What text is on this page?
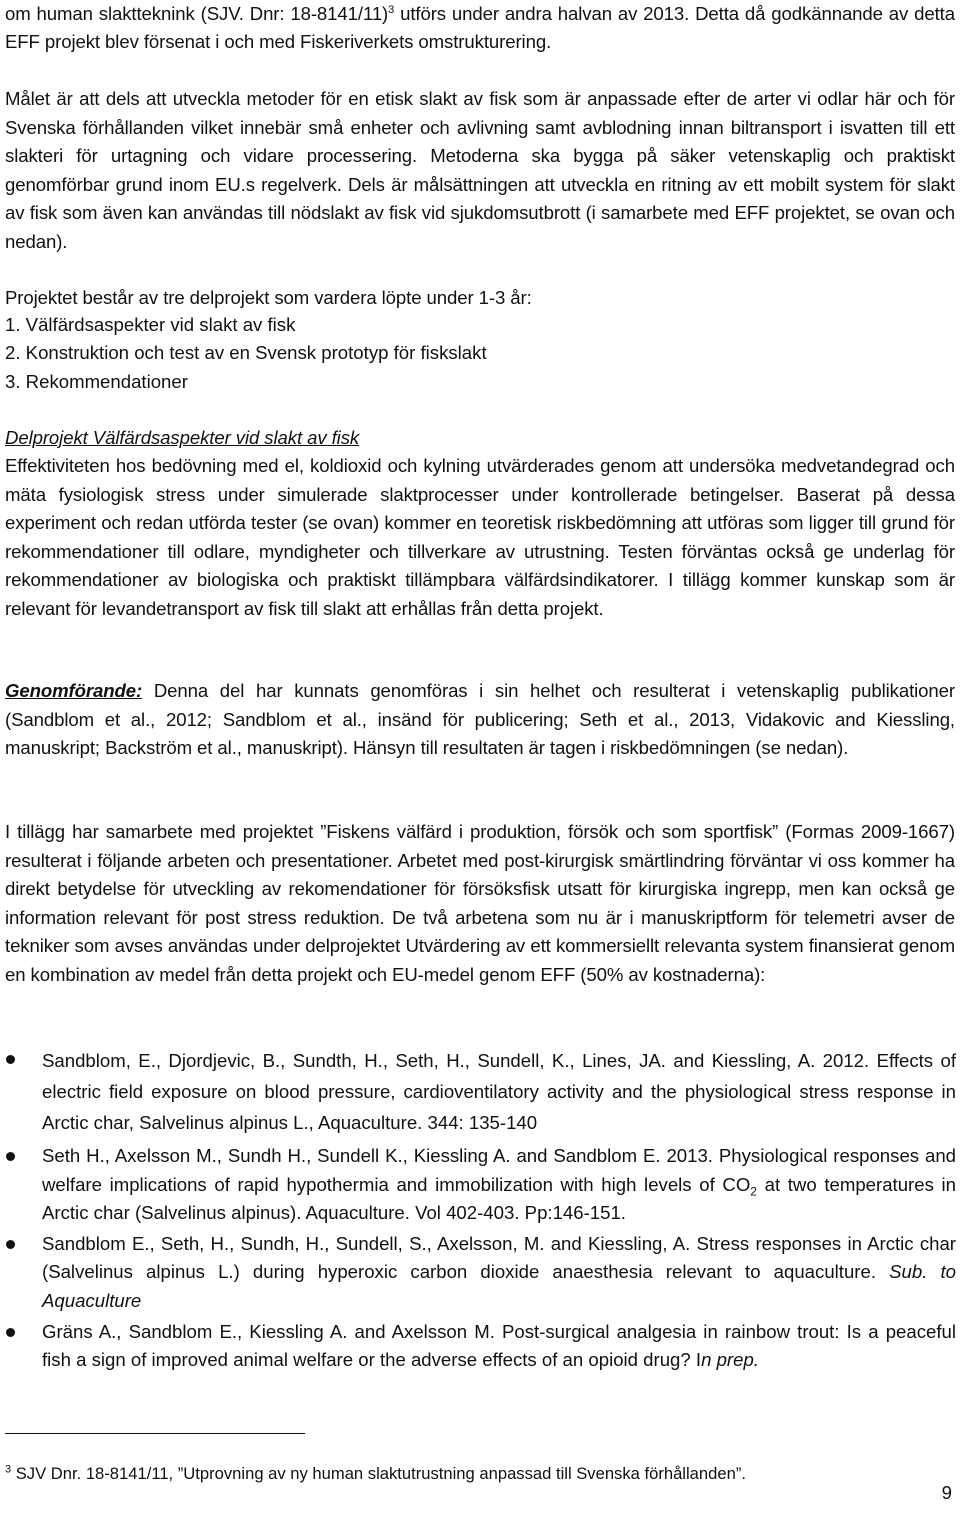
om human slaktteknink (SJV. Dnr: 18-8141/11)$^3$ utförs under andra halvan av 2013. Detta då godkännande av detta EFF projekt blev försenat i och med Fiskeriverkets omstrukturering.

Målet är att dels att utveckla metoder för en etisk slakt av fisk som är anpassade efter de arter vi odlar här och för Svenska förhållanden vilket innebär små enheter och avlivning samt avblodning innan biltransport i isvatten till ett slakteri för urtagning och vidare processering. Metoderna ska bygga på säker vetenskaplig och praktiskt genomförbar grund inom EU.s regelverk. Dels är målsättningen att utveckla en ritning av ett mobilt system för slakt av fisk som även kan användas till nödslakt av fisk vid sjukdomsutbrott (i samarbete med EFF projektet, se ovan och nedan).

Projektet består av tre delprojekt som vardera löpte under 1-3 år:

1. Välfärdsaspekter vid slakt av fisk
2. Konstruktion och test av en Svensk prototyp för fiskslakt
3. Rekommendationer

Delprojekt Välfärdsaspekter vid slakt av fisk

Effektiviteten hos bedövning med el, koldioxid och kylning utvärderades genom att undersöka medvetandegrad och mäta fysiologisk stress under simulerade slaktprocesser under kontrollerade betingelser. Baserat på dessa experiment och redan utförda tester (se ovan) kommer en teoretisk riskbedömning att utföras som ligger till grund för rekommendationer till odlare, myndigheter och tillverkare av utrustning. Testen förväntas också ge underlag för rekommendationer av biologiska och praktiskt tillämpbara välfärdsindikatorer. I tillägg kommer kunskap som är relevant för levandetransport av fisk till slakt att erhållas från detta projekt.

Genomförande: Denna del har kunnats genomföras i sin helhet och resulterat i vetenskaplig publikationer (Sandblom et al., 2012; Sandblom et al., insänd för publicering; Seth et al., 2013, Vidakovic and Kiessling, manuskript; Backström et al., manuskript). Hänsyn till resultaten är tagen i riskbedömningen (se nedan).

I tillägg har samarbete med projektet ”Fiskens välfärd i produktion, försök och som sportfisk” (Formas 2009-1667) resulterat i följande arbeten och presentationer. Arbetet med post-kirurgisk smärtlindring förväntar vi oss kommer ha direkt betydelse för utveckling av rekomendationer för försöksfisk utsatt för kirurgiska ingrepp, men kan också ge information relevant för post stress reduktion. De två arbetena som nu är i manuskriptform för telemetri avser de tekniker som avses användas under delprojektet Utvärdering av ett kommersiellt relevanta system finansierat genom en kombination av medel från detta projekt och EU-medel genom EFF (50% av kostnaderna):

Sandblom, E., Djordjevic, B., Sundth, H., Seth, H., Sundell, K., Lines, JA. and Kiessling, A. 2012. Effects of electric field exposure on blood pressure, cardioventilatory activity and the physiological stress response in Arctic char, Salvelinus alpinus L., Aquaculture. 344: 135-140
Seth H., Axelsson M., Sundh H., Sundell K., Kiessling A. and Sandblom E. 2013. Physiological responses and welfare implications of rapid hypothermia and immobilization with high levels of $CO_2$ at two temperatures in Arctic char (Salvelinus alpinus). Aquaculture. Vol 402-403. Pp:146-151.
Sandblom E., Seth, H., Sundh, H., Sundell, S., Axelsson, M. and Kiessling, A. Stress responses in Arctic char (Salvelinus alpinus L.) during hyperoxic carbon dioxide anaesthesia relevant to aquaculture. Sub. to Aquaculture
Gräns A., Sandblom E., Kiessling A. and Axelsson M. Post-surgical analgesia in rainbow trout: Is a peaceful fish a sign of improved animal welfare or the adverse effects of an opioid drug? In prep.

$^3$ SJV Dnr. 18-8141/11, ”Utprovning av ny human slaktutrustning anpassad till Svenska förhållanden”.

9
